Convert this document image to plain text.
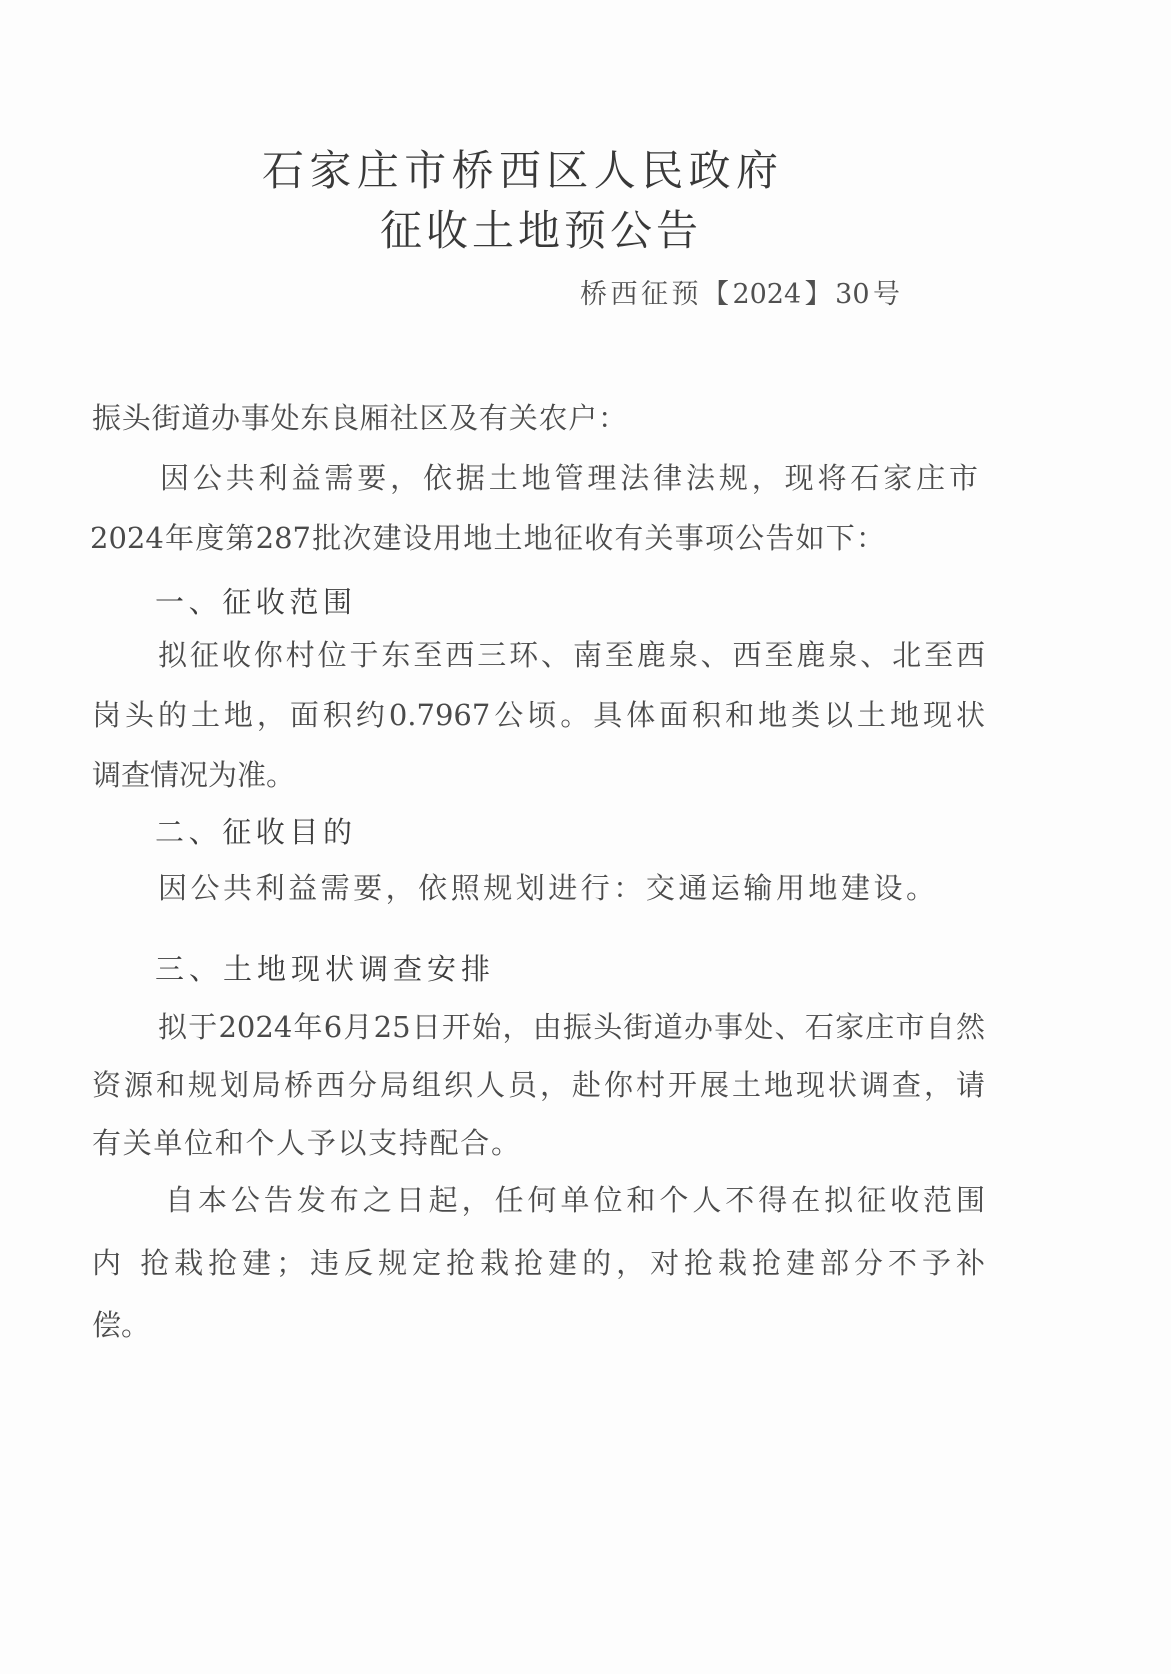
石家庄市桥西区人民政府
征收土地预公告
桥西征预【2024】30号
振头街道办事处东良厢社区及有关农户：
因公共利益需要，依据土地管理法律法规，现将石家庄市
2024年度第287批次建设用地土地征收有关事项公告如下：
一、征收范围
拟征收你村位于东至西三环、南至鹿泉、西至鹿泉、北至西
岗头的土地，面积约0.7967公顷。具体面积和地类以土地现状
调查情况为准。
二、征收目的
因公共利益需要，依照规划进行：交通运输用地建设。
三、土地现状调查安排
拟于2024年6月25日开始，由振头街道办事处、石家庄市自然
资源和规划局桥西分局组织人员，赴你村开展土地现状调查，请
有关单位和个人予以支持配合。
自本公告发布之日起，任何单位和个人不得在拟征收范围
内 抢栽抢建；违反规定抢栽抢建的，对抢栽抢建部分不予补
偿。
